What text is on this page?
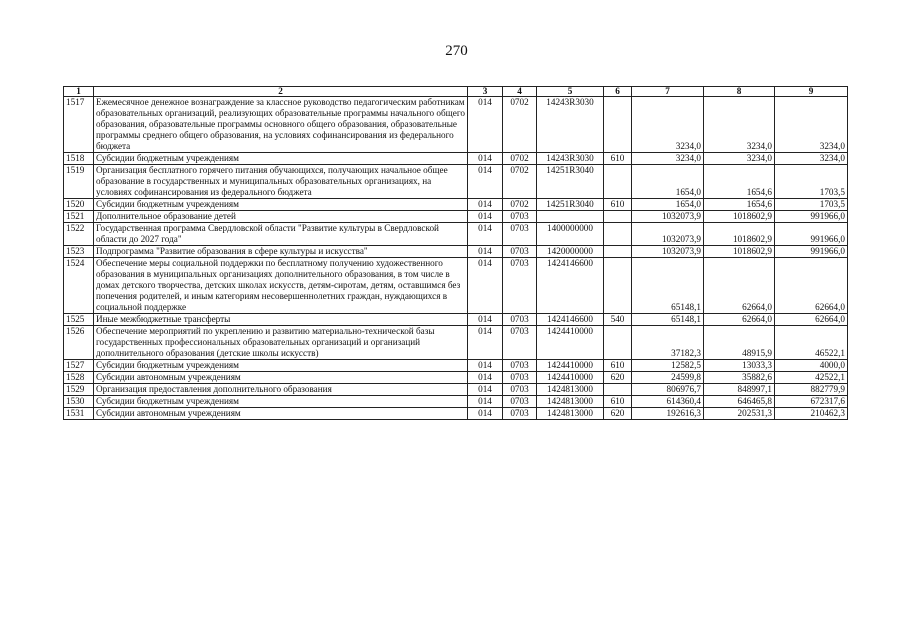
270
1	2	3	4	5	6	7	8	9
1517	Ежемесячное денежное вознаграждение за классное руководство педагогическим работникам образовательных организаций, реализующих образовательные программы начального общего образования, образовательные программы основного общего образования, образовательные программы среднего общего образования, на условиях софинансирования из федерального бюджета	014	0702	14243R3030		3234,0	3234,0	3234,0
1518	Субсидии бюджетным учреждениям	014	0702	14243R3030	610	3234,0	3234,0	3234,0
1519	Организация бесплатного горячего питания обучающихся, получающих начальное общее образование в государственных и муниципальных образовательных организациях, на условиях софинансирования из федерального бюджета	014	0702	14251R3040		1654,0	1654,6	1703,5
1520	Субсидии бюджетным учреждениям	014	0702	14251R3040	610	1654,0	1654,6	1703,5
1521	Дополнительное образование детей	014	0703			1032073,9	1018602,9	991966,0
1522	Государственная программа Свердловской области "Развитие культуры в Свердловской области до 2027 года"	014	0703	1400000000		1032073,9	1018602,9	991966,0
1523	Подпрограмма "Развитие образования в сфере культуры и искусства"	014	0703	1420000000		1032073,9	1018602,9	991966,0
1524	Обеспечение меры социальной поддержки по бесплатному получению художественного образования в муниципальных организациях дополнительного образования, в том числе в домах детского творчества, детских школах искусств, детям-сиротам, детям, оставшимся без попечения родителей, и иным категориям несовершеннолетних граждан, нуждающихся в социальной поддержке	014	0703	1424146600		65148,1	62664,0	62664,0
1525	Иные межбюджетные трансферты	014	0703	1424146600	540	65148,1	62664,0	62664,0
1526	Обеспечение мероприятий по укреплению и развитию материально-технической базы государственных профессиональных образовательных организаций и организаций дополнительного образования (детские школы искусств)	014	0703	1424410000		37182,3	48915,9	46522,1
1527	Субсидии бюджетным учреждениям	014	0703	1424410000	610	12582,5	13033,3	4000,0
1528	Субсидии автономным учреждениям	014	0703	1424410000	620	24599,8	35882,6	42522,1
1529	Организация предоставления дополнительного образования	014	0703	1424813000		806976,7	848997,1	882779,9
1530	Субсидии бюджетным учреждениям	014	0703	1424813000	610	614360,4	646465,8	672317,6
1531	Субсидии автономным учреждениям	014	0703	1424813000	620	192616,3	202531,3	210462,3
